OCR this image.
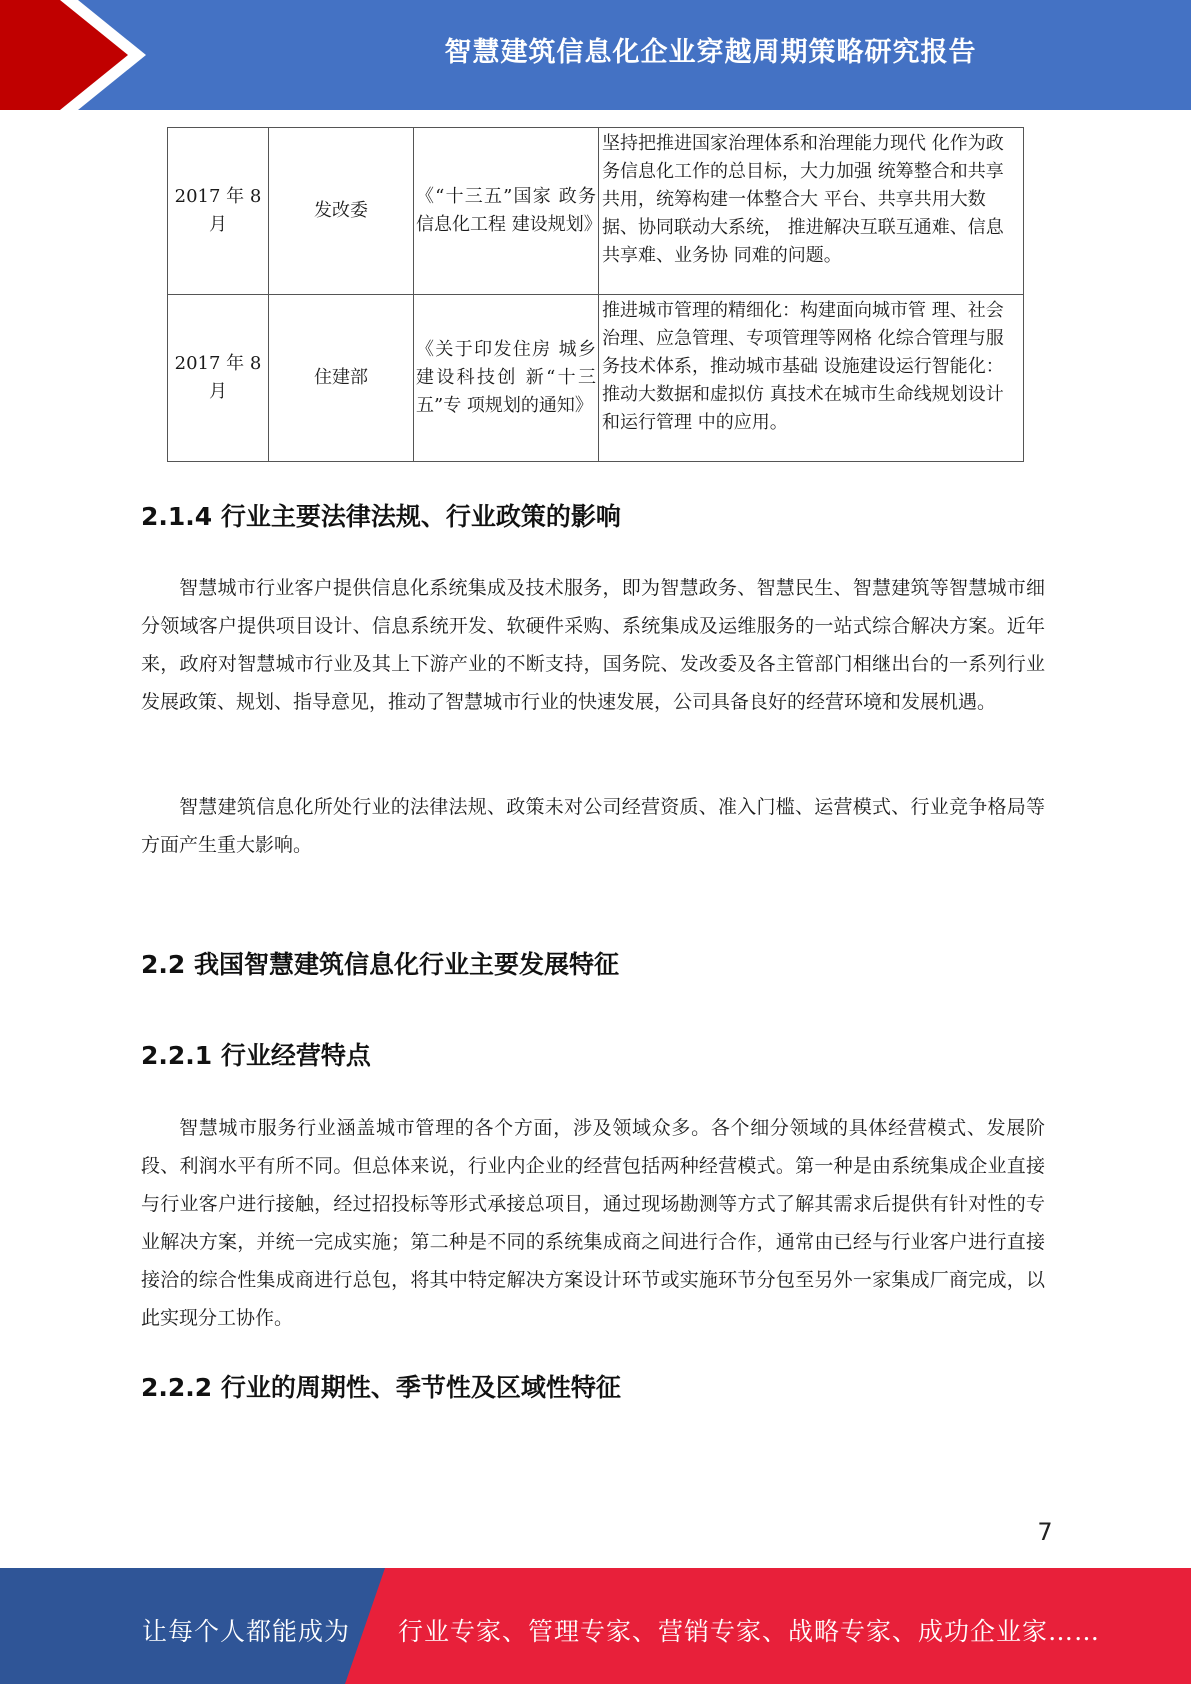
智慧建筑信息化企业穿越周期策略研究报告
2017 年 8 月	发改委	《“十三五”国家 政务信息化工程 建设规划》	坚持把推进国家治理体系和治理能力现代 化作为政务信息化工作的总目标，大力加强 统筹整合和共享共用，统筹构建一体整合大 平台、共享共用大数据、协同联动大系统， 推进解决互联互通难、信息共享难、业务协 同难的问题。
2017 年 8 月	住建部	《关于印发住房 城乡建设科技创 新“十三五”专 项规划的通知》	推进城市管理的精细化：构建面向城市管 理、社会治理、应急管理、专项管理等网格 化综合管理与服务技术体系，推动城市基础 设施建设运行智能化：推动大数据和虚拟仿 真技术在城市生命线规划设计和运行管理 中的应用。
2.1.4 行业主要法律法规、行业政策的影响

智慧城市行业客户提供信息化系统集成及技术服务，即为智慧政务、智慧民生、智慧建筑等智慧城市细分领域客户提供项目设计、信息系统开发、软硬件采购、系统集成及运维服务的一站式综合解决方案。近年来，政府对智慧城市行业及其上下游产业的不断支持，国务院、发改委及各主管部门相继出台的一系列行业发展政策、规划、指导意见，推动了智慧城市行业的快速发展，公司具备良好的经营环境和发展机遇。

智慧建筑信息化所处行业的法律法规、政策未对公司经营资质、准入门槛、运营模式、行业竞争格局等方面产生重大影响。

2.2 我国智慧建筑信息化行业主要发展特征
2.2.1 行业经营特点

智慧城市服务行业涵盖城市管理的各个方面，涉及领域众多。各个细分领域的具体经营模式、发展阶段、利润水平有所不同。但总体来说，行业内企业的经营包括两种经营模式。第一种是由系统集成企业直接与行业客户进行接触，经过招投标等形式承接总项目，通过现场勘测等方式了解其需求后提供有针对性的专业解决方案，并统一完成实施；第二种是不同的系统集成商之间进行合作，通常由已经与行业客户进行直接接洽的综合性集成商进行总包，将其中特定解决方案设计环节或实施环节分包至另外一家集成厂商完成，以此实现分工协作。

2.2.2 行业的周期性、季节性及区域性特征
7
让每个人都能成为 行业专家、管理专家、营销专家、战略专家、成功企业家……
